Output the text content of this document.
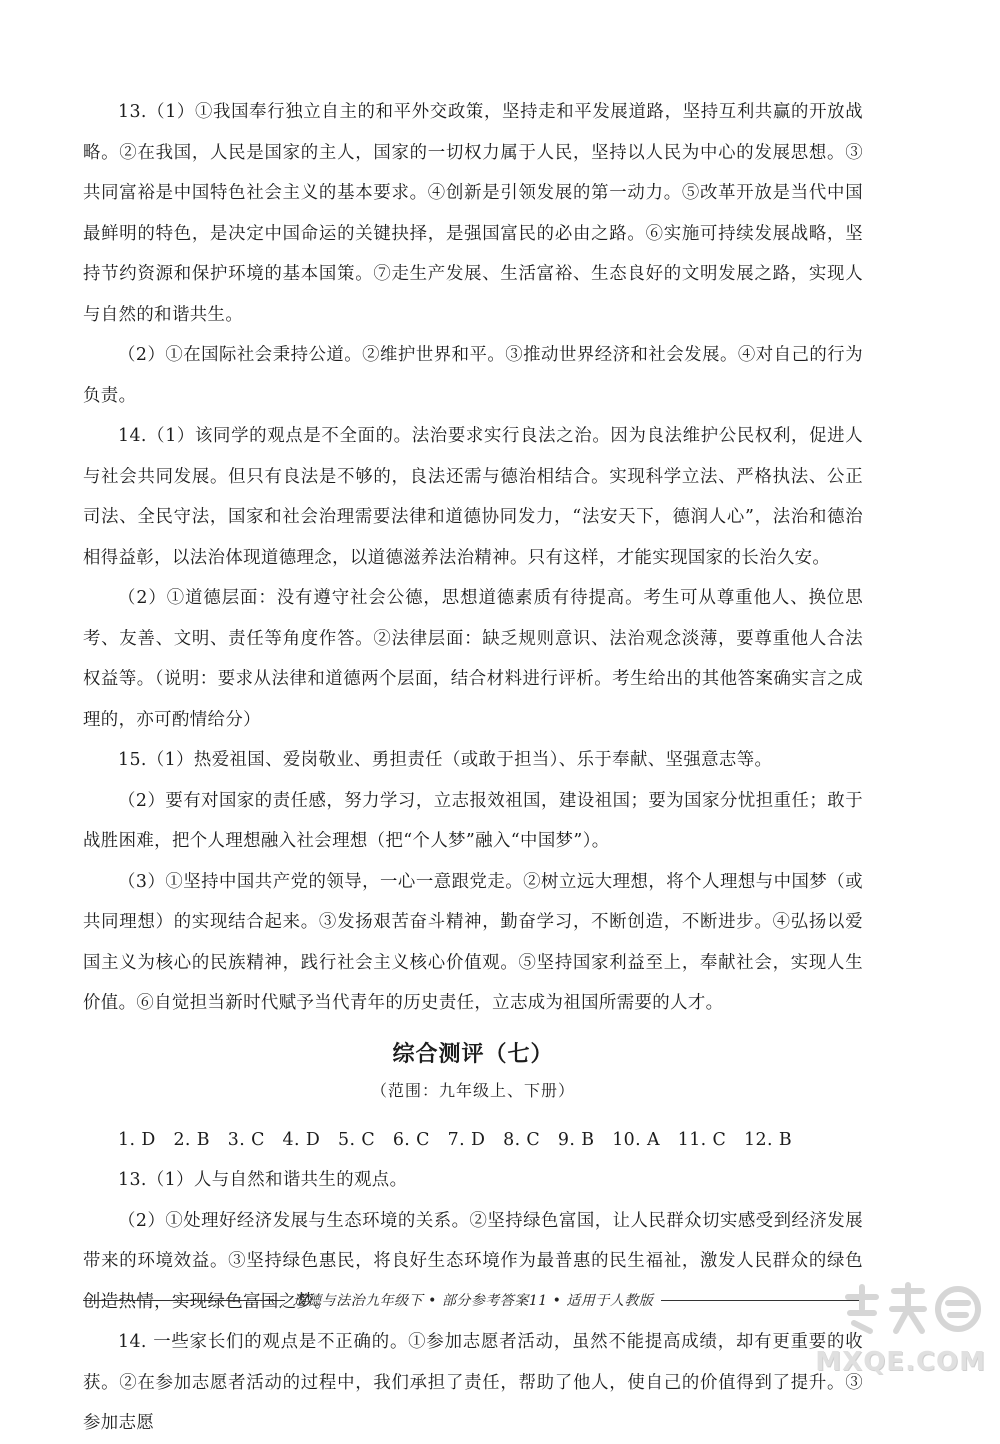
13.（1）①我国奉行独立自主的和平外交政策，坚持走和平发展道路，坚持互利共赢的开放战略。②在我国，人民是国家的主人，国家的一切权力属于人民，坚持以人民为中心的发展思想。③共同富裕是中国特色社会主义的基本要求。④创新是引领发展的第一动力。⑤改革开放是当代中国最鲜明的特色，是决定中国命运的关键抉择，是强国富民的必由之路。⑥实施可持续发展战略，坚持节约资源和保护环境的基本国策。⑦走生产发展、生活富裕、生态良好的文明发展之路，实现人与自然的和谐共生。

（2）①在国际社会秉持公道。②维护世界和平。③推动世界经济和社会发展。④对自己的行为负责。

14.（1）该同学的观点是不全面的。法治要求实行良法之治。因为良法维护公民权利，促进人与社会共同发展。但只有良法是不够的，良法还需与德治相结合。实现科学立法、严格执法、公正司法、全民守法，国家和社会治理需要法律和道德协同发力，“法安天下，德润人心”，法治和德治相得益彰，以法治体现道德理念，以道德滋养法治精神。只有这样，才能实现国家的长治久安。

（2）①道德层面：没有遵守社会公德，思想道德素质有待提高。考生可从尊重他人、换位思考、友善、文明、责任等角度作答。②法律层面：缺乏规则意识、法治观念淡薄，要尊重他人合法权益等。（说明：要求从法律和道德两个层面，结合材料进行评析。考生给出的其他答案确实言之成理的，亦可酌情给分）

15.（1）热爱祖国、爱岗敬业、勇担责任（或敢于担当）、乐于奉献、坚强意志等。

（2）要有对国家的责任感，努力学习，立志报效祖国，建设祖国；要为国家分忧担重任；敢于战胜困难，把个人理想融入社会理想（把“个人梦”融入“中国梦”）。

（3）①坚持中国共产党的领导，一心一意跟党走。②树立远大理想，将个人理想与中国梦（或共同理想）的实现结合起来。③发扬艰苦奋斗精神，勤奋学习，不断创造，不断进步。④弘扬以爱国主义为核心的民族精神，践行社会主义核心价值观。⑤坚持国家利益至上，奉献社会，实现人生价值。⑥自觉担当新时代赋予当代青年的历史责任，立志成为祖国所需要的人才。

综合测评（七）
（范围：九年级上、下册）

1. D　2. B　3. C　4. D　5. C　6. C　7. D　8. C　9. B　10. A　11. C　12. B

13.（1）人与自然和谐共生的观点。

（2）①处理好经济发展与生态环境的关系。②坚持绿色富国，让人民群众切实感受到经济发展带来的环境效益。③坚持绿色惠民，将良好生态环境作为最普惠的民生福祉，激发人民群众的绿色创造热情，实现绿色富国之梦。

14. 一些家长们的观点是不正确的。①参加志愿者活动，虽然不能提高成绩，却有更重要的收获。②在参加志愿者活动的过程中，我们承担了责任，帮助了他人，使自己的价值得到了提升。③参加志愿

道德与法治九年级下 • 部分参考答案11 • 适用于人教版
MXQE.COM
